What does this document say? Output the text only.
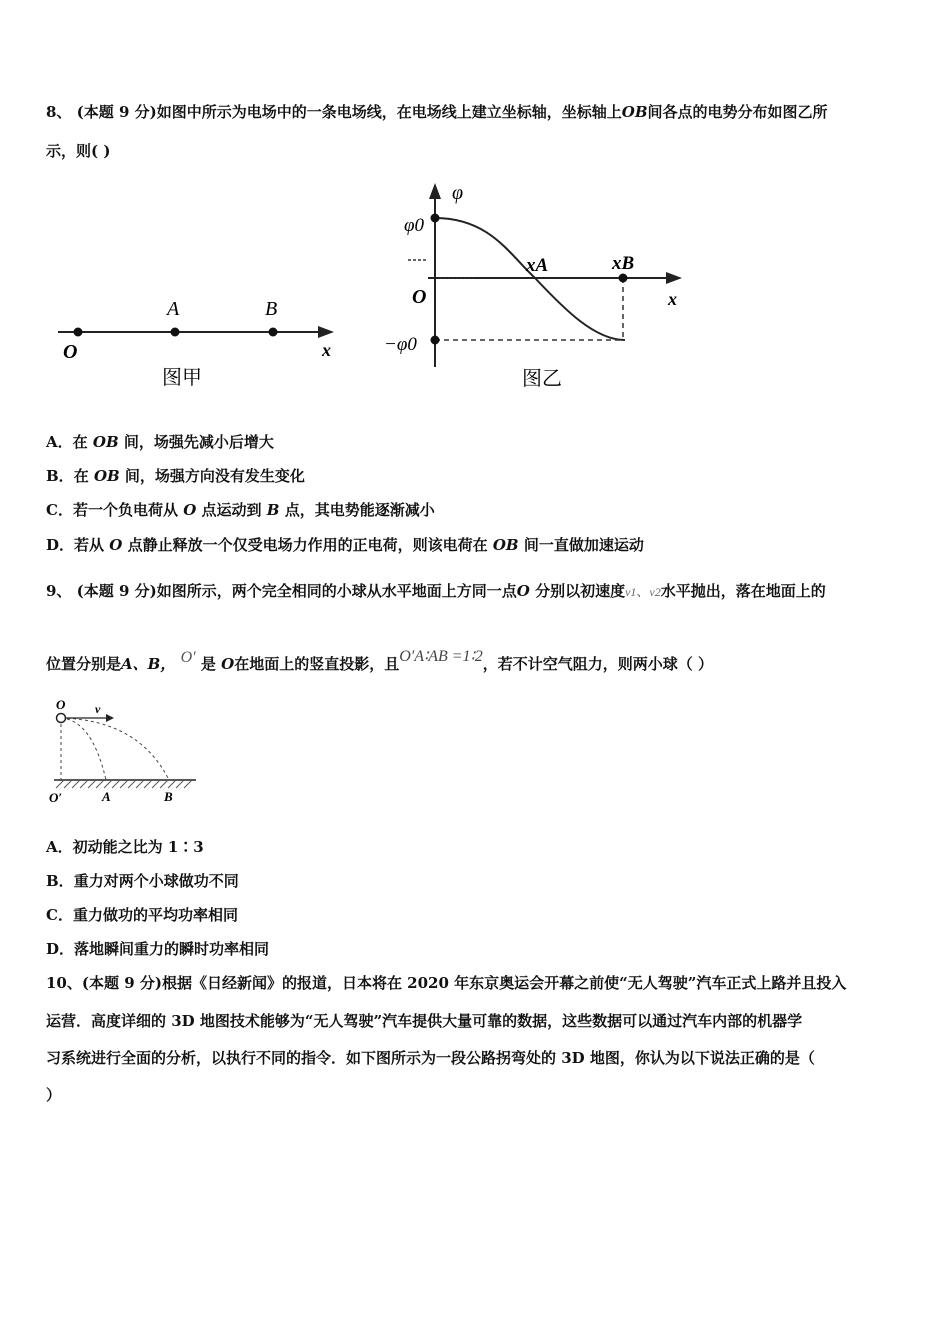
8、 (本题 9 分)如图中所示为电场中的一条电场线，在电场线上建立坐标轴，坐标轴上OB间各点的电势分布如图乙所
示，则( )
O
A	B
x
图甲
φ
φ0
O
−φ0
xA	xB
x
图乙
A．在 OB 间，场强先减小后增大
B．在 OB 间，场强方向没有发生变化
C．若一个负电荷从 O 点运动到 B 点，其电势能逐渐减小
D．若从 O 点静止释放一个仅受电场力作用的正电荷，则该电荷在 OB 间一直做加速运动
9、 (本题 9 分)如图所示，两个完全相同的小球从水平地面上方同一点O 分别以初速度v1、v2水平抛出，落在地面上的
位置分别是A、B， O′ 是 O在地面上的竖直投影，且O′A∶AB =1∶2，若不计空气阻力，则两小球（ ）
O v
O′	A	B
A．初动能之比为 1∶3
B．重力对两个小球做功不同
C．重力做功的平均功率相同
D．落地瞬间重力的瞬时功率相同
10、(本题 9 分)根据《日经新闻》的报道，日本将在 2020 年东京奥运会开幕之前使“无人驾驶”汽车正式上路并且投入
运营．高度详细的 3D 地图技术能够为“无人驾驶”汽车提供大量可靠的数据，这些数据可以通过汽车内部的机器学
习系统进行全面的分析，以执行不同的指令．如下图所示为一段公路拐弯处的 3D 地图，你认为以下说法正确的是（
）
